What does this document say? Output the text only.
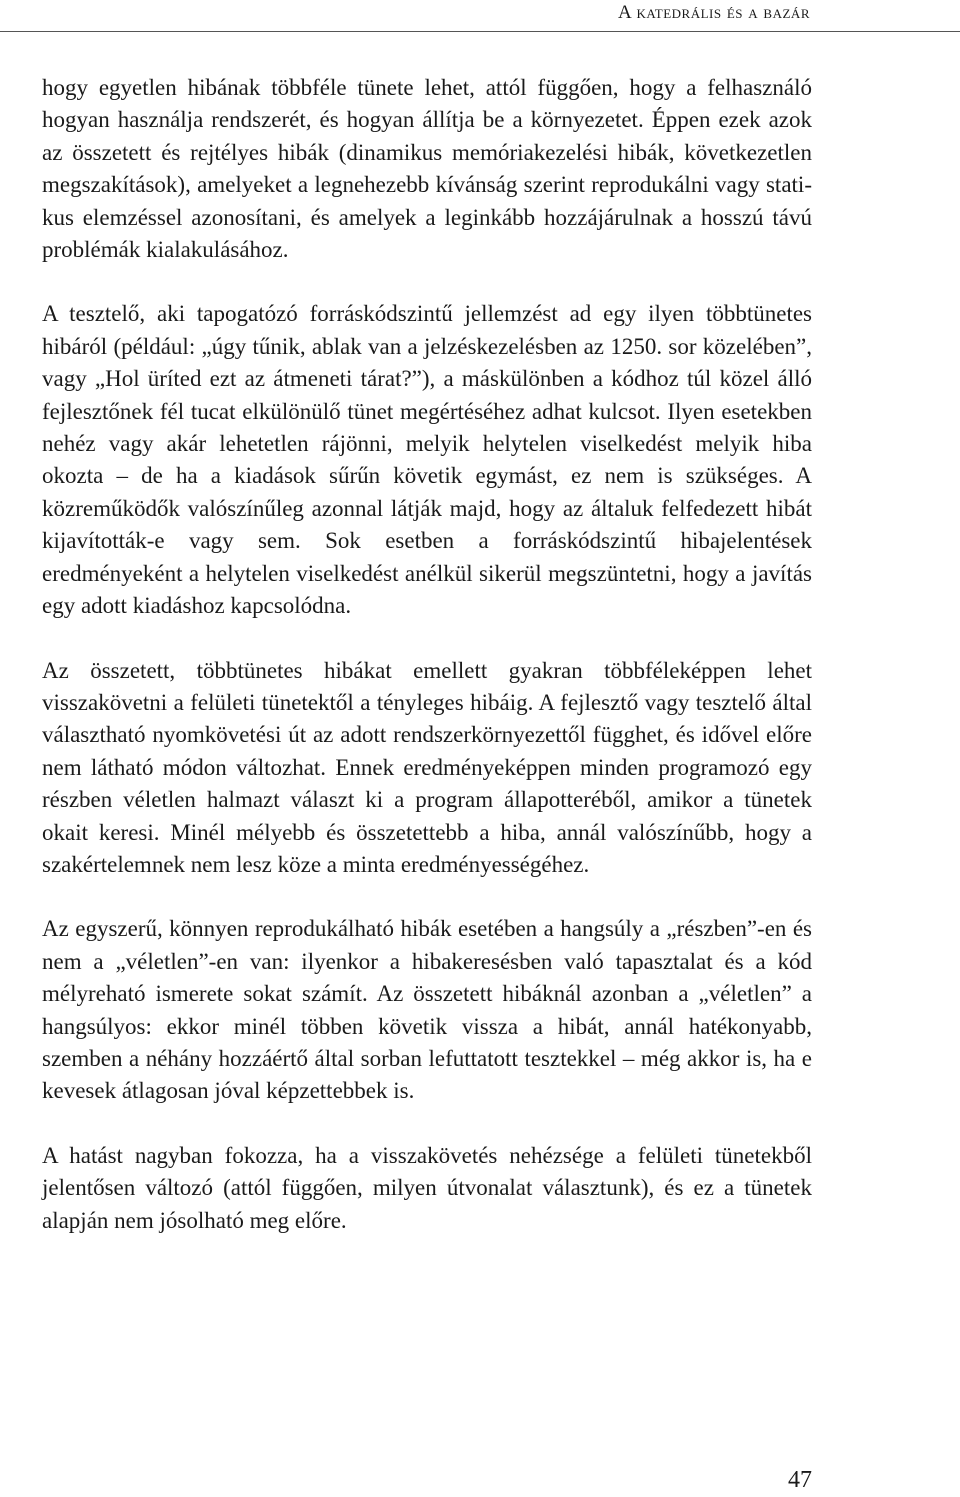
A katedrális és a bazár

hogy egyetlen hibának többféle tünete lehet, attól függően, hogy a felhasználó hogyan használja rendszerét, és hogyan állítja be a környezetet. Éppen ezek azok az összetett és rejtélyes hibák (dinamikus memóriakezelési hibák, következetlen megszakítások), amelyeket a legnehezebb kívánság szerint reprodukálni vagy statikus elemzéssel azonosítani, és amelyek a leginkább hozzájárulnak a hosszú távú problémák kialakulásához.

A tesztelő, aki tapogatózó forráskódszintű jellemzést ad egy ilyen többtünetes hibáról (például: „úgy tűnik, ablak van a jelzéskezelésben az 1250. sor közelében”, vagy „Hol üríted ezt az átmeneti tárat?”), a máskülönben a kódhoz túl közel álló fejlesztőnek fél tucat elkülönülő tünet megértéséhez adhat kulcsot. Ilyen esetekben nehéz vagy akár lehetetlen rájönni, melyik helytelen viselkedést melyik hiba okozta – de ha a kiadások sűrűn követik egymást, ez nem is szükséges. A közreműködők valószínűleg azonnal látják majd, hogy az általuk felfedezett hibát kijavították-e vagy sem. Sok esetben a forráskódszintű hibajelentések eredményeként a helytelen viselkedést anélkül sikerül megszüntetni, hogy a javítás egy adott kiadáshoz kapcsolódna.

Az összetett, többtünetes hibákat emellett gyakran többféleképpen lehet visszakövetni a felületi tünetektől a tényleges hibáig. A fejlesztő vagy tesztelő által választható nyomkövetési út az adott rendszerkörnyezettől függhet, és idővel előre nem látható módon változhat. Ennek eredményeképpen minden programozó egy részben véletlen halmazt választ ki a program állapotteréből, amikor a tünetek okait keresi. Minél mélyebb és összetettebb a hiba, annál valószínűbb, hogy a szakértelemnek nem lesz köze a minta eredményességéhez.

Az egyszerű, könnyen reprodukálható hibák esetében a hangsúly a „részben”-en és nem a „véletlen”-en van: ilyenkor a hibakeresésben való tapasztalat és a kód mélyreható ismerete sokat számít. Az összetett hibáknál azonban a „véletlen” a hangsúlyos: ekkor minél többen követik vissza a hibát, annál hatékonyabb, szemben a néhány hozzáértő által sorban lefuttatott tesztekkel – még akkor is, ha e kevesek átlagosan jóval képzettebbek is.

A hatást nagyban fokozza, ha a visszakövetés nehézsége a felületi tünetekből jelentősen változó (attól függően, milyen útvonalat választunk), és ez a tünetek alapján nem jósolható meg előre.

47
